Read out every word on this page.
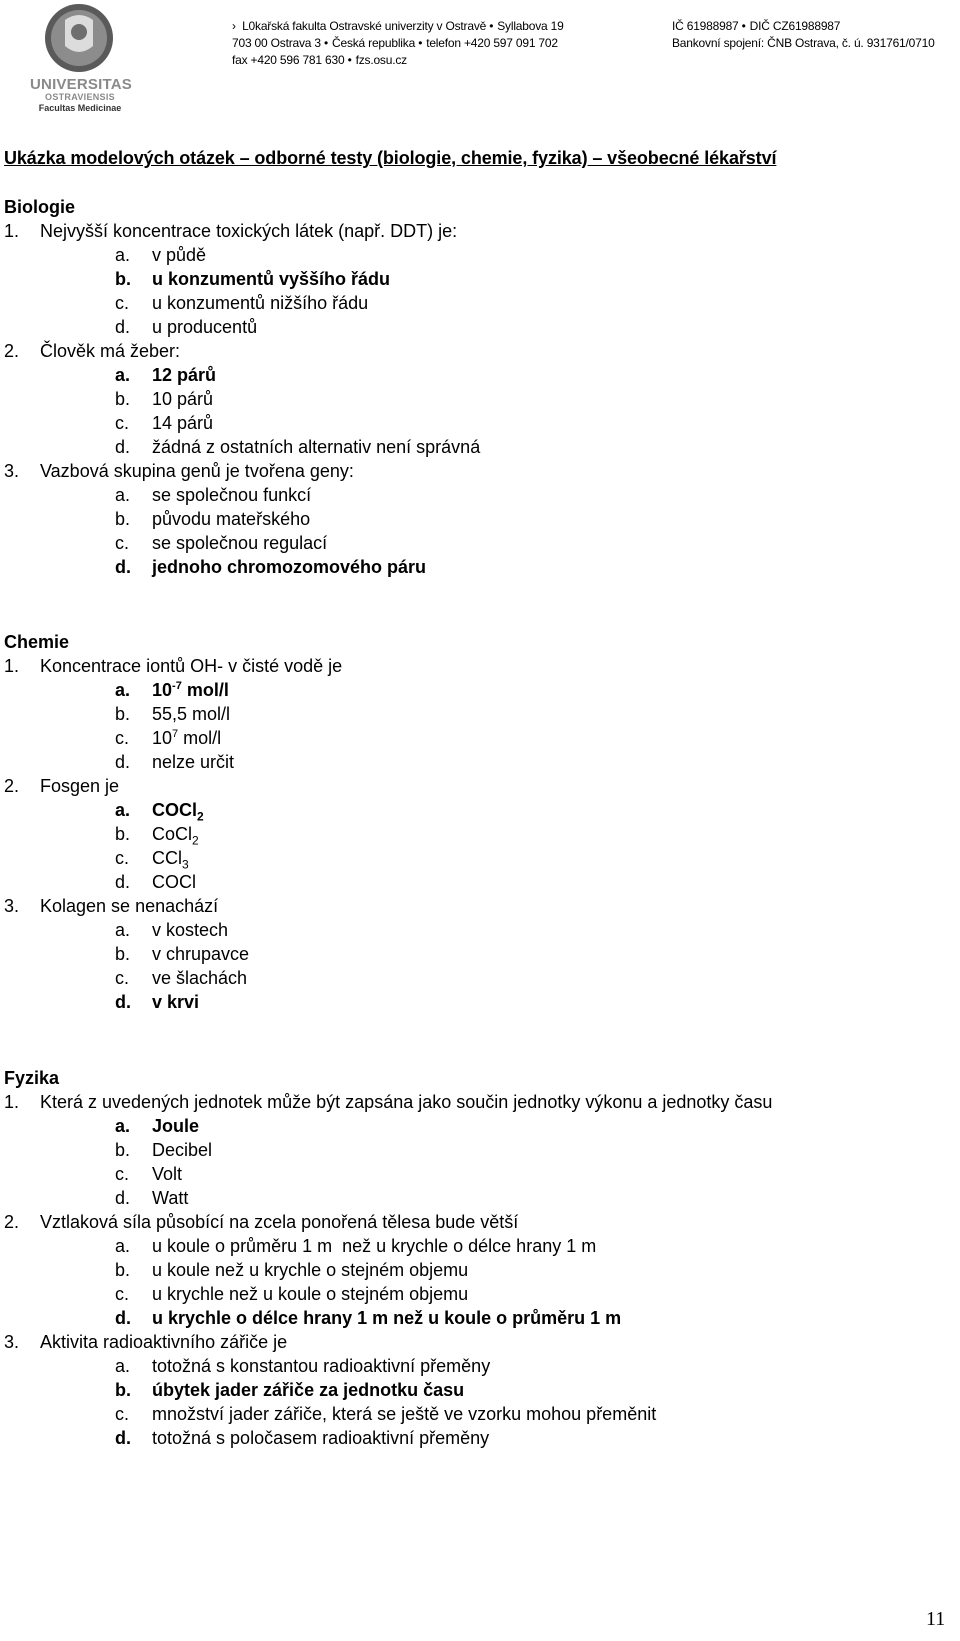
UNIVERSITAS
OSTRAVIENSIS
Facultas Medicinae
› L0kařská fakulta Ostravské univerzity v Ostravě • Syllabova 19
703 00 Ostrava 3 • Česká republika • telefon +420 597 091 702
fax +420 596 781 630 • fzs.osu.cz
IČ 61988987 • DIČ CZ61988987
Bankovní spojení: ČNB Ostrava, č. ú. 931761/0710
Ukázka modelových otázek – odborné testy (biologie, chemie, fyzika) – všeobecné lékařství
Biologie
1. Nejvyšší koncentrace toxických látek (např. DDT) je:
a. v půdě
b. u konzumentů vyššího řádu
c. u konzumentů nižšího řádu
d. u producentů
2. Člověk má žeber:
a. 12 párů
b. 10 párů
c. 14 párů
d. žádná z ostatních alternativ není správná
3. Vazbová skupina genů je tvořena geny:
a. se společnou funkcí
b. původu mateřského
c. se společnou regulací
d. jednoho chromozomového páru
Chemie
1. Koncentrace iontů OH- v čisté vodě je
a. $10^{-7}$ mol/l
b. 55,5 mol/l
c. $10^7$ mol/l
d. nelze určit
2. Fosgen je
a. COCl$_2$
b. CoCl$_2$
c. CCl$_3$
d. COCl
3. Kolagen se nenachází
a. v kostech
b. v chrupavce
c. ve šlachách
d. v krvi
Fyzika
1. Která z uvedených jednotek může být zapsána jako součin jednotky výkonu a jednotky času
a. Joule
b. Decibel
c. Volt
d. Watt
2. Vztlaková síla působící na zcela ponořená tělesa bude větší
a. u koule o průměru 1 m  než u krychle o délce hrany 1 m
b. u koule než u krychle o stejném objemu
c. u krychle než u koule o stejném objemu
d. u krychle o délce hrany 1 m než u koule o průměru 1 m
3. Aktivita radioaktivního zářiče je
a. totožná s konstantou radioaktivní přeměny
b. úbytek jader zářiče za jednotku času
c. množství jader zářiče, která se ještě ve vzorku mohou přeměnit
d. totožná s poločasem radioaktivní přeměny
11
